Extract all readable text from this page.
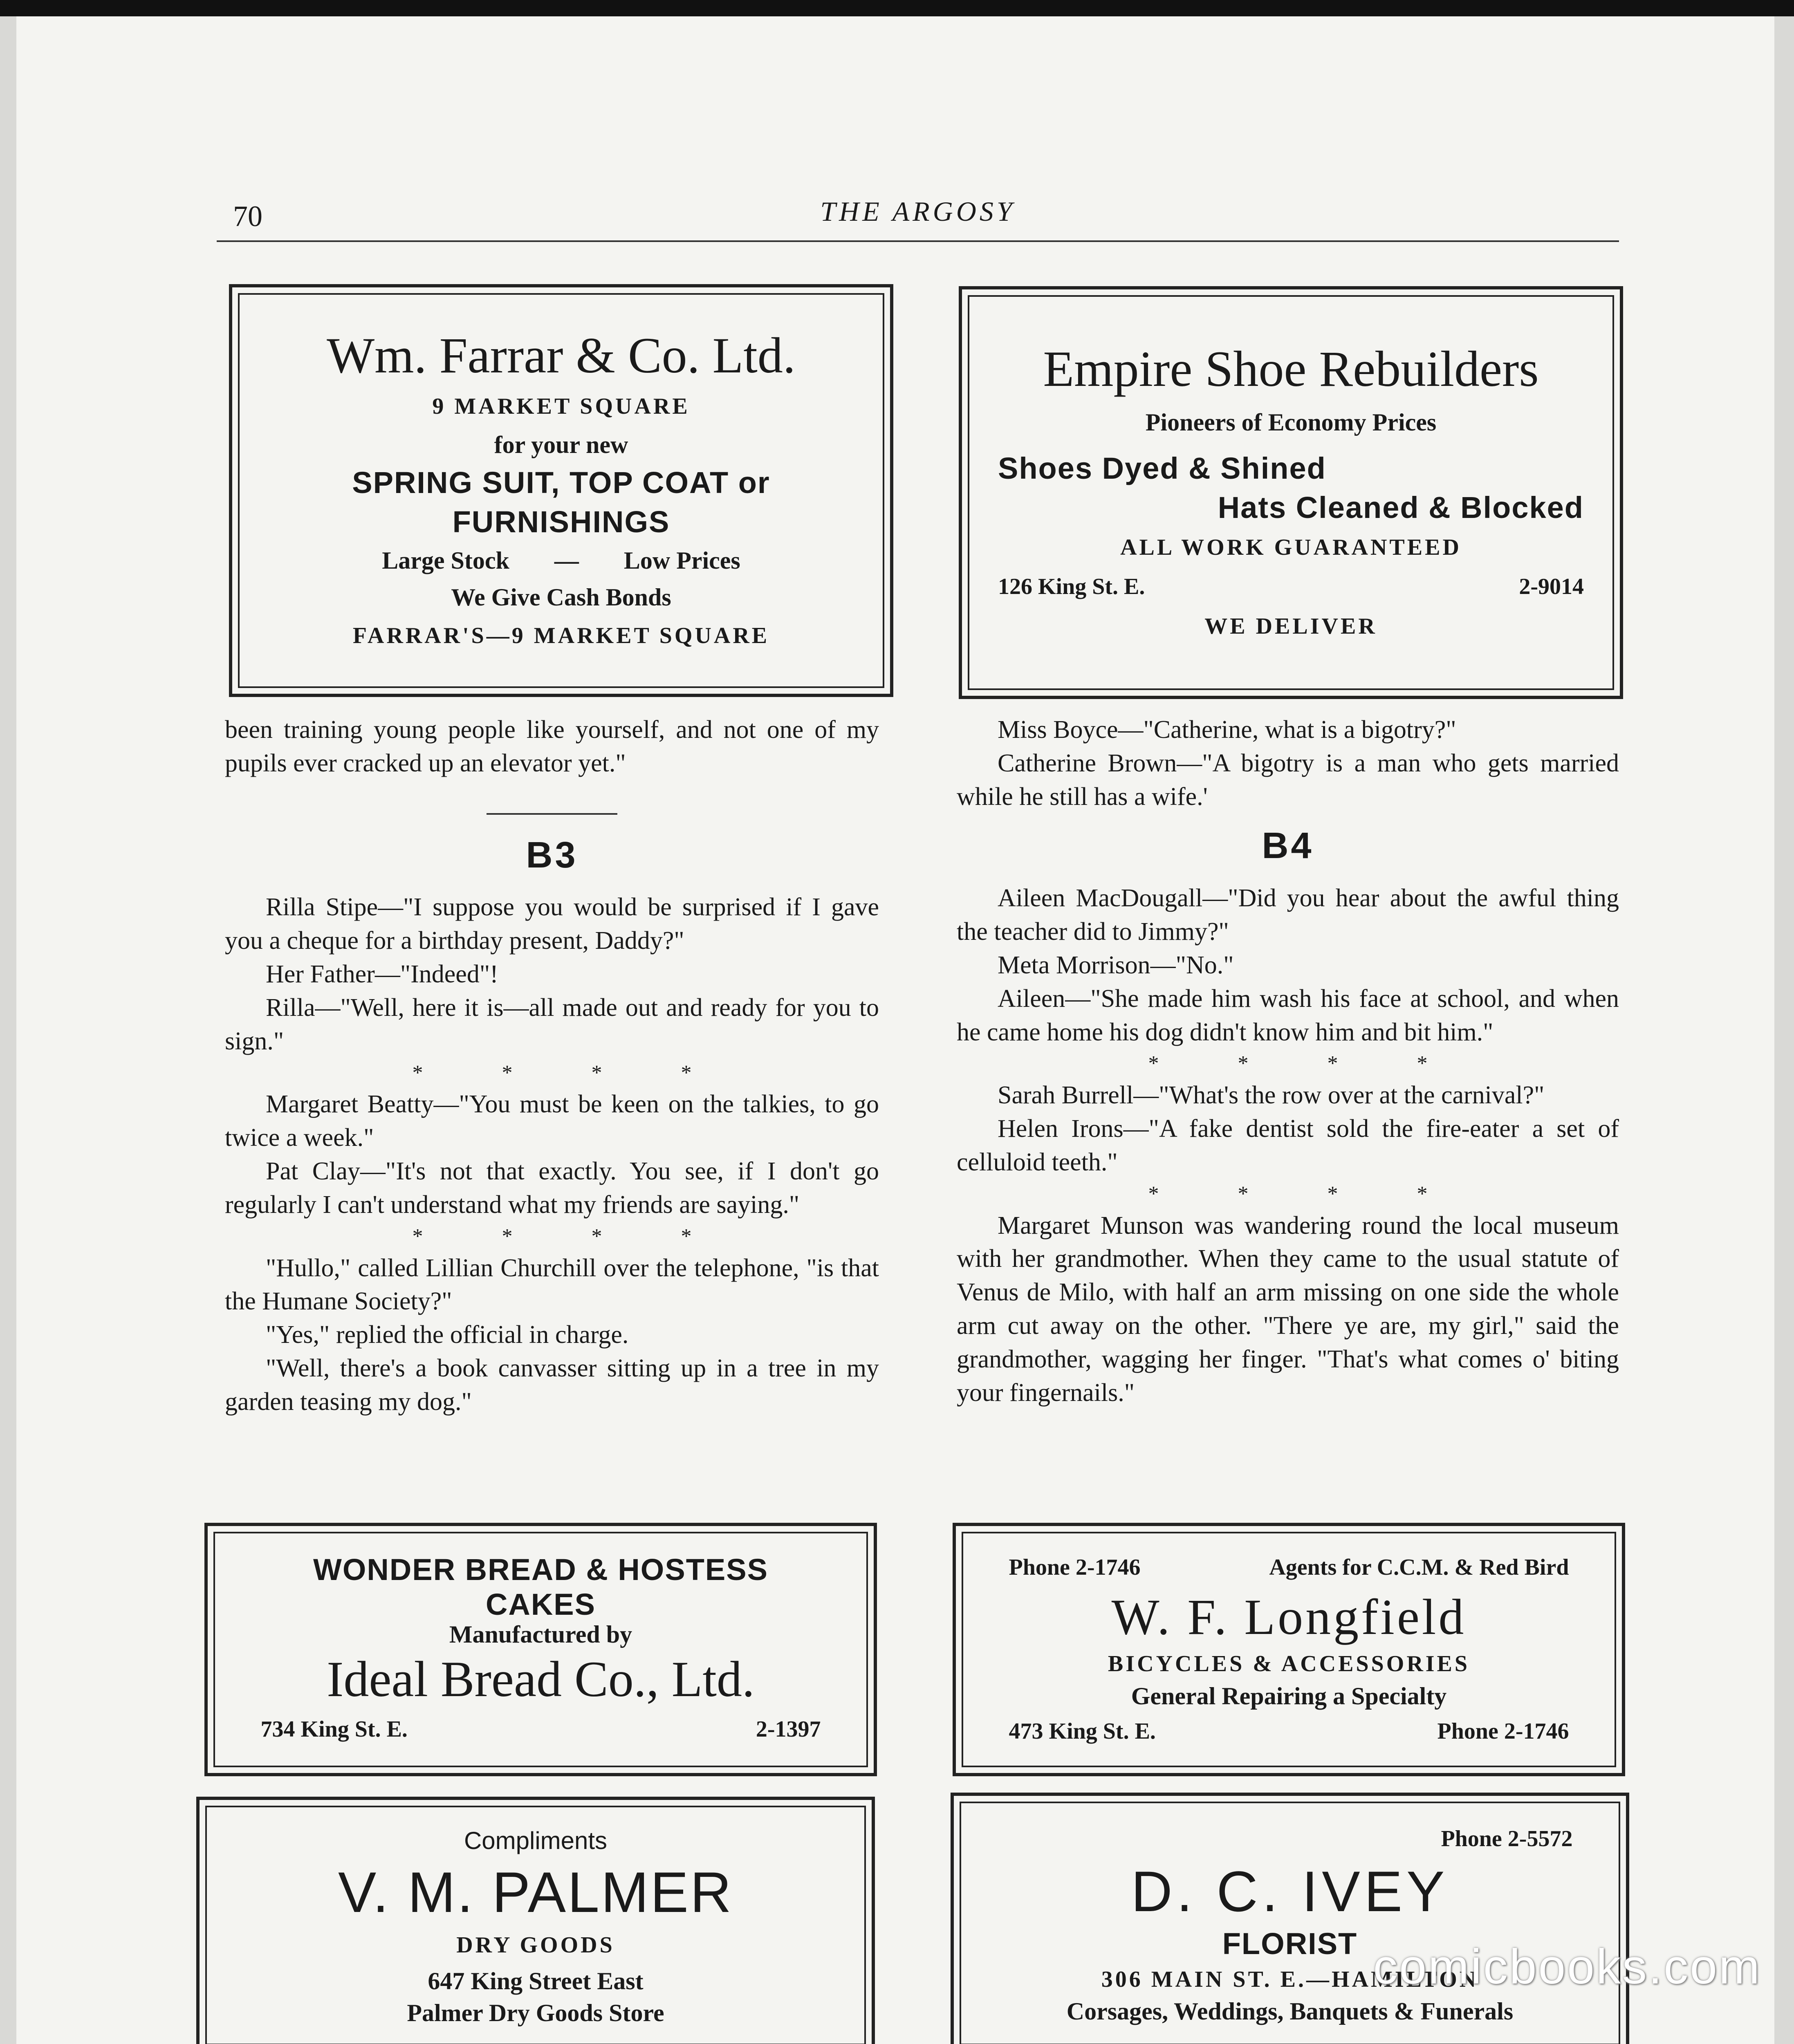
70	THE ARGOSY
Wm. Farrar & Co. Ltd.
9 MARKET SQUARE
for your new
SPRING SUIT, TOP COAT or
FURNISHINGS
Large Stock — Low Prices
We Give Cash Bonds
FARRAR'S—9 MARKET SQUARE
Empire Shoe Rebuilders
Pioneers of Economy Prices
Shoes Dyed & Shined
Hats Cleaned & Blocked
ALL WORK GUARANTEED
126 King St. E.	2-9014
WE DELIVER

been training young people like yourself, and not one of my pupils ever cracked up an elevator yet."

B3

Rilla Stipe—"I suppose you would be surprised if I gave you a cheque for a birthday present, Daddy?"

Her Father—"Indeed"!

Rilla—"Well, here it is—all made out and ready for you to sign."

* * * *

Margaret Beatty—"You must be keen on the talkies, to go twice a week."

Pat Clay—"It's not that exactly. You see, if I don't go regularly I can't understand what my friends are saying."

* * * *

"Hullo," called Lillian Churchill over the telephone, "is that the Humane Society?"

"Yes," replied the official in charge.

"Well, there's a book canvasser sitting up in a tree in my garden teasing my dog."

Miss Boyce—"Catherine, what is a bigotry?"

Catherine Brown—"A bigotry is a man who gets married while he still has a wife.'

B4

Aileen MacDougall—"Did you hear about the awful thing the teacher did to Jimmy?"

Meta Morrison—"No."

Aileen—"She made him wash his face at school, and when he came home his dog didn't know him and bit him."

* * * *

Sarah Burrell—"What's the row over at the carnival?"

Helen Irons—"A fake dentist sold the fire-eater a set of celluloid teeth."

* * * *

Margaret Munson was wandering round the local museum with her grandmother. When they came to the usual statute of Venus de Milo, with half an arm missing on one side the whole arm cut away on the other. "There ye are, my girl," said the grandmother, wagging her finger. "That's what comes o' biting your fingernails."

WONDER BREAD & HOSTESS
CAKES
Manufactured by
Ideal Bread Co., Ltd.
734 King St. E.	2-1397
Phone 2-1746	Agents for C.C.M. & Red Bird
W. F. Longfield
BICYCLES & ACCESSORIES
General Repairing a Specialty
473 King St. E.	Phone 2-1746
Compliments
V. M. PALMER
DRY GOODS
647 King Street East
Palmer Dry Goods Store
Phone 2-5572
D. C. IVEY
FLORIST
306 MAIN ST. E.—HAMILTON
Corsages, Weddings, Banquets & Funerals
comicbooks.com
